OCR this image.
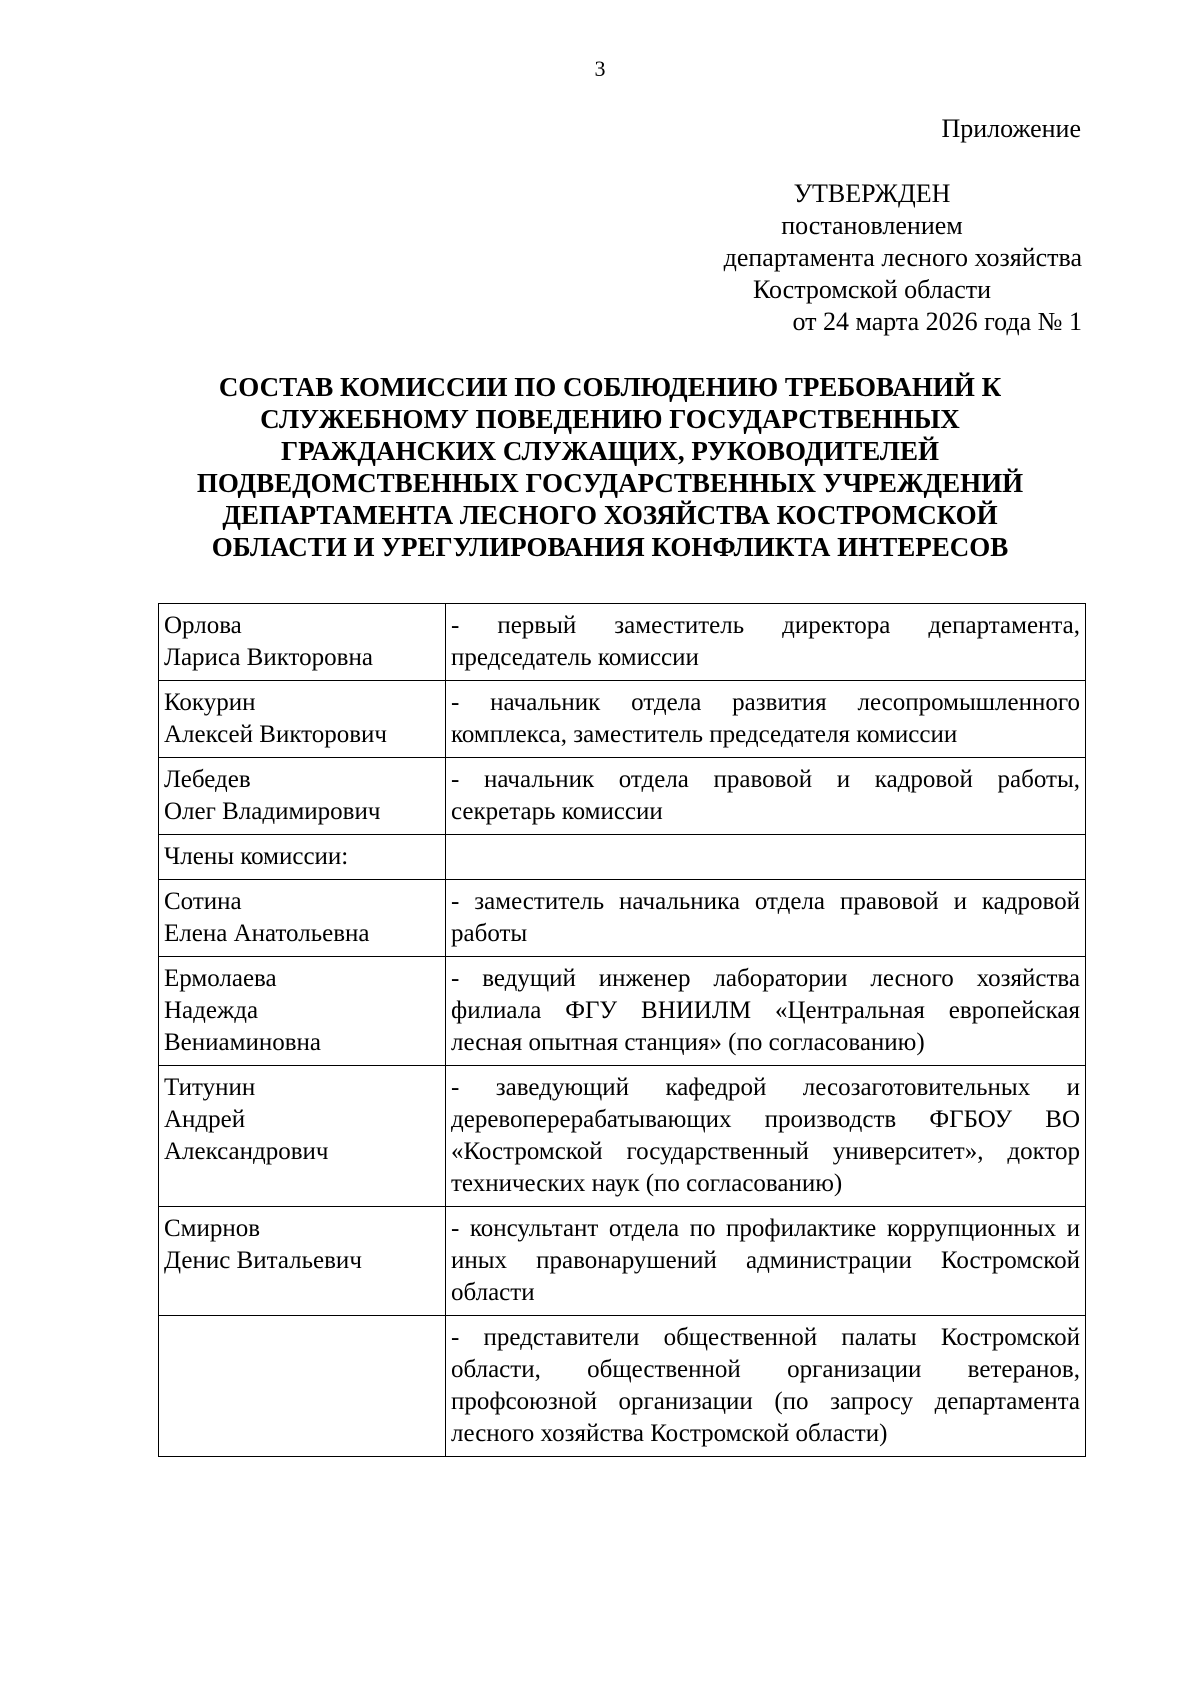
3
Приложение
УТВЕРЖДЕН
постановлением
департамента лесного хозяйства
Костромской области
от 24 марта 2026 года № 1
СОСТАВ КОМИССИИ ПО СОБЛЮДЕНИЮ ТРЕБОВАНИЙ К
СЛУЖЕБНОМУ ПОВЕДЕНИЮ ГОСУДАРСТВЕННЫХ
ГРАЖДАНСКИХ СЛУЖАЩИХ, РУКОВОДИТЕЛЕЙ
ПОДВЕДОМСТВЕННЫХ ГОСУДАРСТВЕННЫХ УЧРЕЖДЕНИЙ
ДЕПАРТАМЕНТА ЛЕСНОГО ХОЗЯЙСТВА КОСТРОМСКОЙ
ОБЛАСТИ И УРЕГУЛИРОВАНИЯ КОНФЛИКТА ИНТЕРЕСОВ
Орлова
Лариса Викторовна	- первый заместитель директора департамента, председатель комиссии

Кокурин
Алексей Викторович	- начальник отдела развития лесопромышленного комплекса, заместитель председателя комиссии

Лебедев
Олег Владимирович	- начальник отдела правовой и кадровой работы, секретарь комиссии

Члены комиссии:	

Сотина
Елена Анатольевна	- заместитель начальника отдела правовой и кадровой работы

Ермолаева
Надежда
Вениаминовна	- ведущий инженер лаборатории лесного хозяйства филиала ФГУ ВНИИЛМ «Центральная европейская лесная опытная станция» (по согласованию)

Титунин
Андрей
Александрович	- заведующий кафедрой лесозаготовительных и деревоперерабатывающих производств ФГБОУ ВО «Костромской государственный университет», доктор технических наук (по согласованию)

Смирнов
Денис Витальевич	- консультант отдела по профилактике коррупционных и иных правонарушений администрации Костромской области
	- представители общественной палаты Костромской области, общественной организации ветеранов, профсоюзной организации (по запросу департамента лесного хозяйства Костромской области)
